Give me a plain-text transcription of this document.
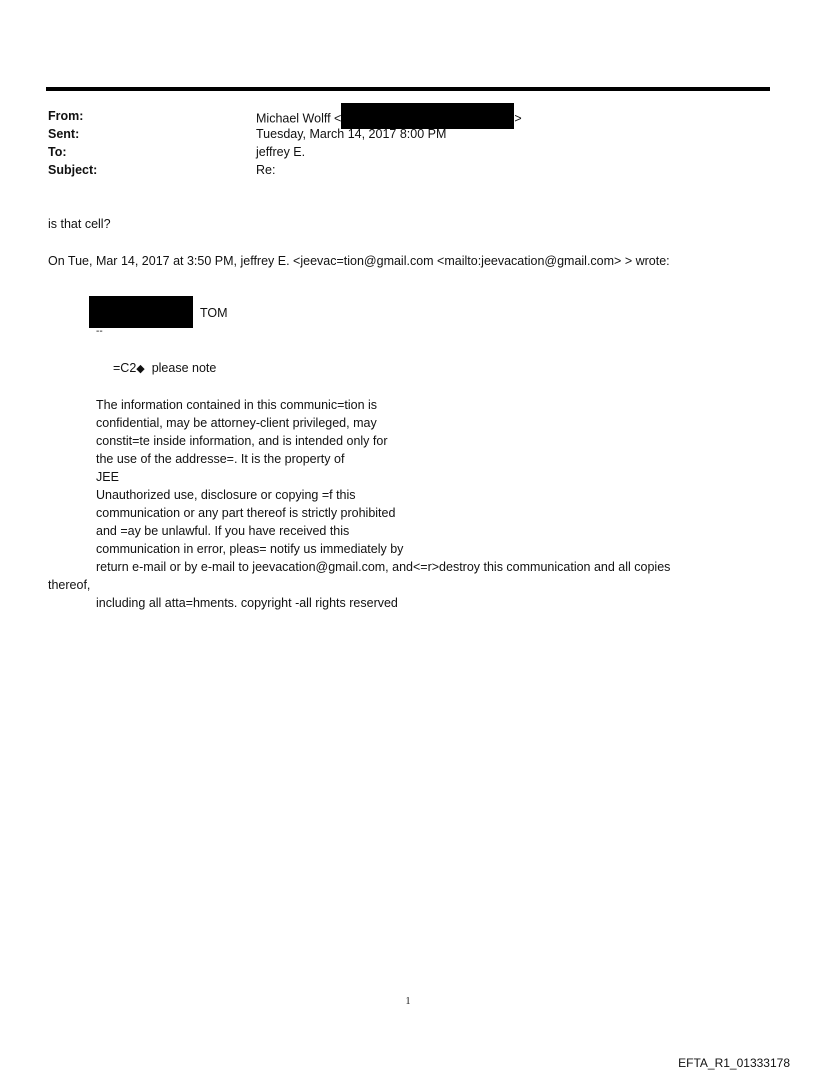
From:
Sent:
To:
Subject:
Michael Wolff <	>
Tuesday, March 14, 2017 8:00 PM
jeffrey E.
Re:
is that cell?
On Tue, Mar 14, 2017 at 3:50 PM, jeffrey E. <jeevac=tion@gmail.com <mailto:jeevacation@gmail.com> > wrote:
TOM
--
=C2◆  please note
The information contained in this communic=tion is
confidential, may be attorney-client privileged, may
constit=te inside information, and is intended only for
the use of the addresse=. It is the property of
JEE
Unauthorized use, disclosure or copying =f this
communication or any part thereof is strictly prohibited
and =ay be unlawful. If you have received this
communication in error, pleas= notify us immediately by
return e-mail or by e-mail to jeevacation@gmail.com, and<=r>destroy this communication and all copies
thereof,
including all atta=hments. copyright -all rights reserved
1
EFTA_R1_01333178
